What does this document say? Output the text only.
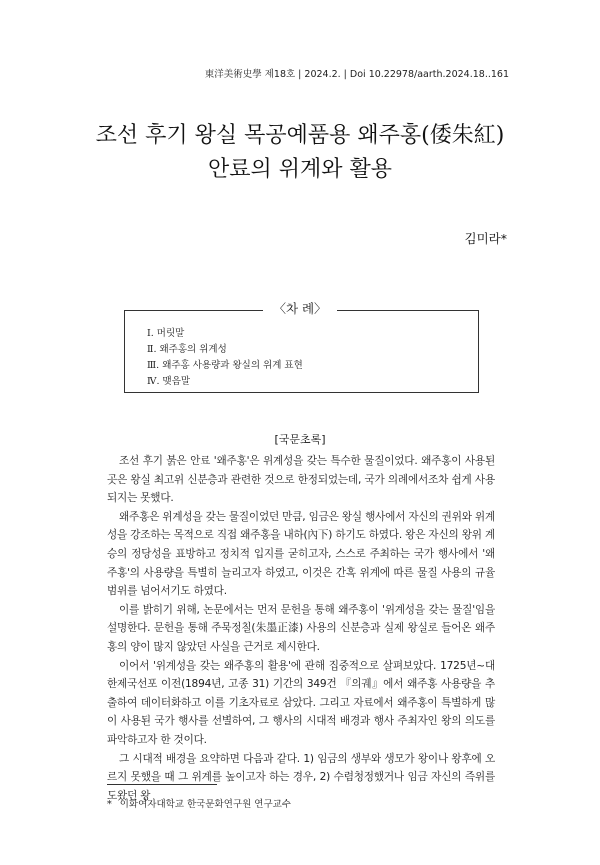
東洋美術史學 제18호 | 2024.2. | Doi 10.22978/aarth.2024.18..161
조선 후기 왕실 목공예품용 왜주홍(倭朱紅)
안료의 위계와 활용
김미라*
〈차 례〉
Ⅰ. 머릿말
Ⅱ. 왜주홍의 위계성
Ⅲ. 왜주홍 사용량과 왕실의 위계 표현
Ⅳ. 맺음말
[국문초록]

조선 후기 붉은 안료 '왜주홍'은 위계성을 갖는 특수한 물질이었다. 왜주홍이 사용된 곳은 왕실 최고위 신분층과 관련한 것으로 한정되었는데, 국가 의례에서조차 쉽게 사용되지는 못했다.

왜주홍은 위계성을 갖는 물질이었던 만큼, 임금은 왕실 행사에서 자신의 권위와 위계성을 강조하는 목적으로 직접 왜주홍을 내하(內下) 하기도 하였다. 왕은 자신의 왕위 계승의 정당성을 표방하고 정치적 입지를 굳히고자, 스스로 주최하는 국가 행사에서 '왜주홍'의 사용량을 특별히 늘리고자 하였고, 이것은 간혹 위계에 따른 물질 사용의 규율 범위를 넘어서기도 하였다.

이를 밝히기 위해, 논문에서는 먼저 문헌을 통해 왜주홍이 '위계성을 갖는 물질'임을 설명한다. 문헌을 통해 주묵정칠(朱墨正漆) 사용의 신분층과 실제 왕실로 들어온 왜주홍의 양이 많지 않았던 사실을 근거로 제시한다.

이어서 '위계성을 갖는 왜주홍의 활용'에 관해 집중적으로 살펴보았다. 1725년~대한제국선포 이전(1894년, 고종 31) 기간의 349건 『의궤』에서 왜주홍 사용량을 추출하여 데이터화하고 이를 기초자료로 삼았다. 그리고 자료에서 왜주홍이 특별하게 많이 사용된 국가 행사를 선별하여, 그 행사의 시대적 배경과 행사 주최자인 왕의 의도를 파악하고자 한 것이다.

그 시대적 배경을 요약하면 다음과 같다. 1) 임금의 생부와 생모가 왕이나 왕후에 오르지 못했을 때 그 위계를 높이고자 하는 경우, 2) 수렴청정했거나 임금 자신의 즉위를 도왔던 왕

* 이화여자대학교 한국문화연구원 연구교수
